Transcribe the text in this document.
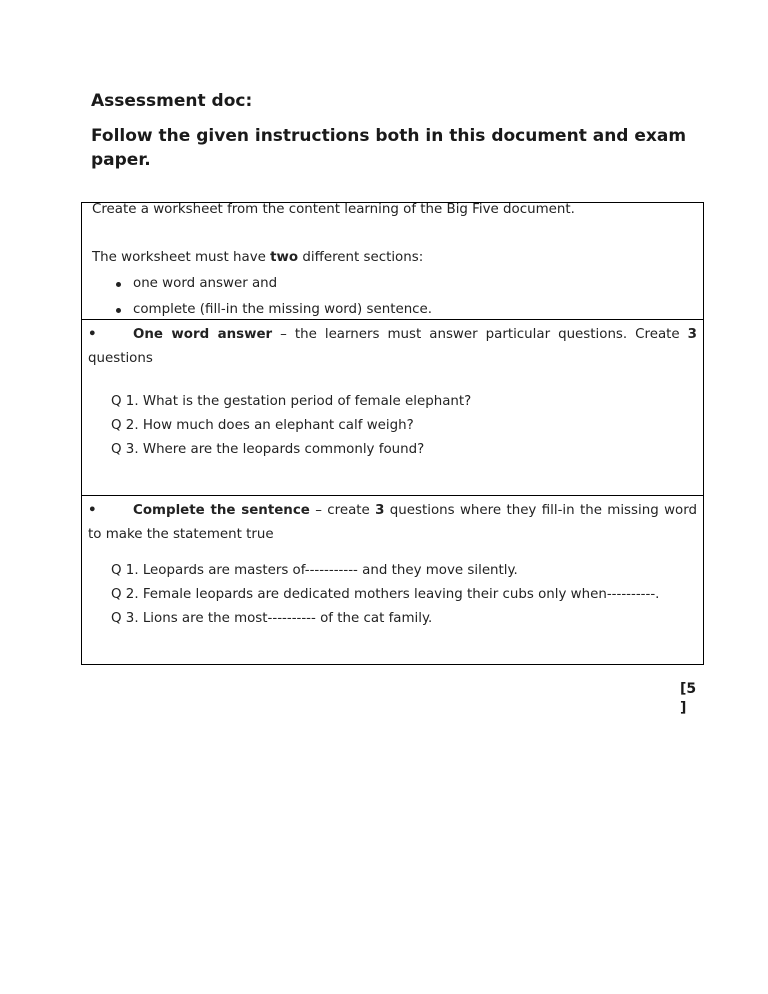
Assessment doc:
Follow the given instructions both in this document and exam paper.
Create a worksheet from the content learning of the Big Five document.
The worksheet must have two different sections:
one word answer and
complete (fill-in the missing word) sentence.
•	One word answer – the learners must answer particular questions. Create 3 questions
Q 1. What is the gestation period of female elephant?
Q 2. How much does an elephant calf weigh?
Q 3. Where are the leopards commonly found?
•	Complete the sentence – create 3 questions where they fill-in the missing word to make the statement true
Q 1. Leopards are masters of----------- and they move silently.
Q 2. Female leopards are dedicated mothers leaving their cubs only when----------.
Q 3. Lions are the most---------- of the cat family.
[5 ]
